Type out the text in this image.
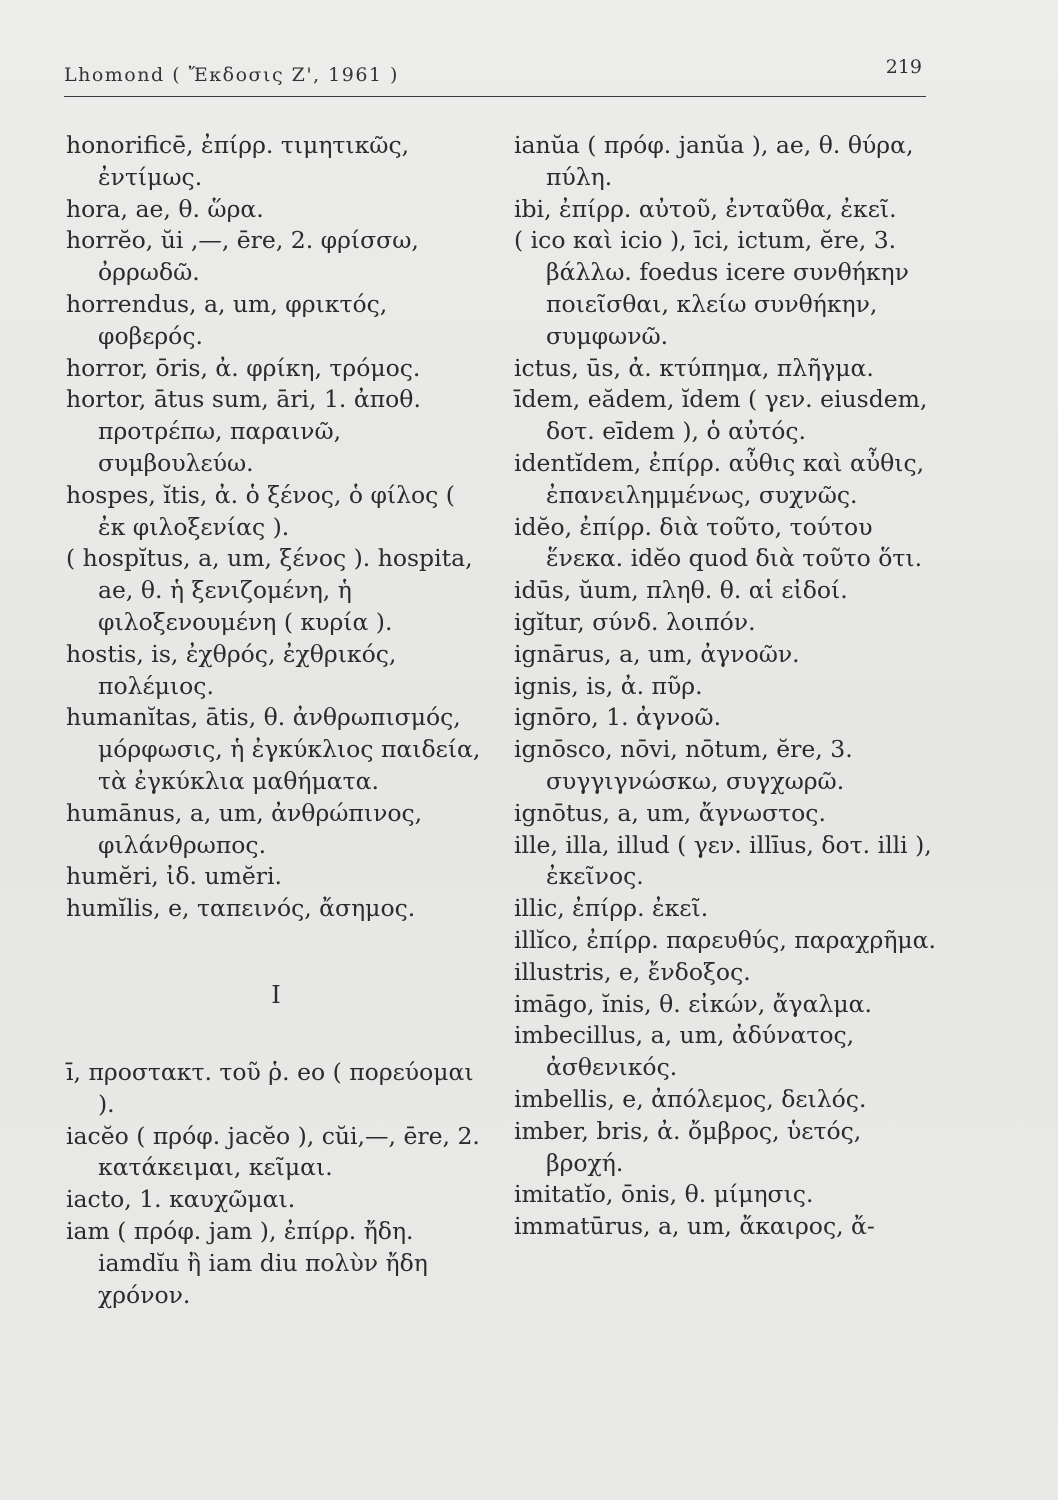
Lhomond ( Ἔκδοσις Ζ', 1961 )	219

honorificē, ἐπίρρ. τιμητικῶς, ἐντίμως.

hora, ae, θ. ὥρα.

horrĕo, ŭi ,—, ēre, 2. φρίσσω, ὀρρωδῶ.

horrendus, a, um, φρικτός, φοβερός.

horror, ōris, ἀ. φρίκη, τρόμος.

hortor, ātus sum, āri, 1. ἀποθ. προτρέπω, παραινῶ, συμβουλεύω.

hospes, ĭtis, ἀ. ὁ ξένος, ὁ φίλος ( ἐκ φιλοξενίας ).

( hospĭtus, a, um, ξένος ). hospita, ae, θ. ἡ ξενιζομένη, ἡ φιλοξενουμένη ( κυρία ).

hostis, is, ἐχθρός, ἐχθρικός, πολέμιος.

humanĭtas, ātis, θ. ἀνθρωπισμός, μόρφωσις, ἡ ἐγκύκλιος παιδεία, τὰ ἐγκύκλια μαθήματα.

humānus, a, um, ἀνθρώπινος, φιλάνθρωπος.

humĕri, ἰδ. umĕri.

humĭlis, e, ταπεινός, ἄσημος.

I

ī, προστακτ. τοῦ ῥ. eo ( πορεύομαι ).

iacĕo ( πρόφ. jacĕo ), cŭi,—, ēre, 2. κατάκειμαι, κεῖμαι.

iacto, 1. καυχῶμαι.

iam ( πρόφ. jam ), ἐπίρρ. ἤδη. iamdĭu ἢ iam diu πολὺν ἤδη χρόνον.

ianŭa ( πρόφ. janŭa ), ae, θ. θύρα, πύλη.

ibi, ἐπίρρ. αὐτοῦ, ἐνταῦθα, ἐκεῖ.

( ico καὶ icio ), īci, ictum, ĕre, 3. βάλλω. foedus icere συνθήκην ποιεῖσθαι, κλείω συνθήκην, συμφωνῶ.

ictus, ūs, ἀ. κτύπημα, πλῆγμα.

īdem, eădem, ĭdem ( γεν. eiusdem, δοτ. eīdem ), ὁ αὐτός.

identĭdem, ἐπίρρ. αὖθις καὶ αὖθις, ἐπανειλημμένως, συχνῶς.

idĕo, ἐπίρρ. διὰ τοῦτο, τούτου ἕνεκα. idĕo quod διὰ τοῦτο ὅτι.

idūs, ŭum, πληθ. θ. αἱ εἰδοί.

igĭtur, σύνδ. λοιπόν.

ignārus, a, um, ἀγνοῶν.

ignis, is, ἀ. πῦρ.

ignōro, 1. ἀγνοῶ.

ignōsco, nōvi, nōtum, ĕre, 3. συγγιγνώσκω, συγχωρῶ.

ignōtus, a, um, ἄγνωστος.

ille, illa, illud ( γεν. illīus, δοτ. illi ), ἐκεῖνος.

illic, ἐπίρρ. ἐκεῖ.

illĭco, ἐπίρρ. παρευθύς, παραχρῆμα.

illustris, e, ἔνδοξος.

imāgo, ĭnis, θ. εἰκών, ἄγαλμα.

imbecillus, a, um, ἀδύνατος, ἀσθενικός.

imbellis, e, ἀπόλεμος, δειλός.

imber, bris, ἀ. ὄμβρος, ὑετός, βροχή.

imitatĭo, ōnis, θ. μίμησις.

immatūrus, a, um, ἄκαιρος, ἄ-
